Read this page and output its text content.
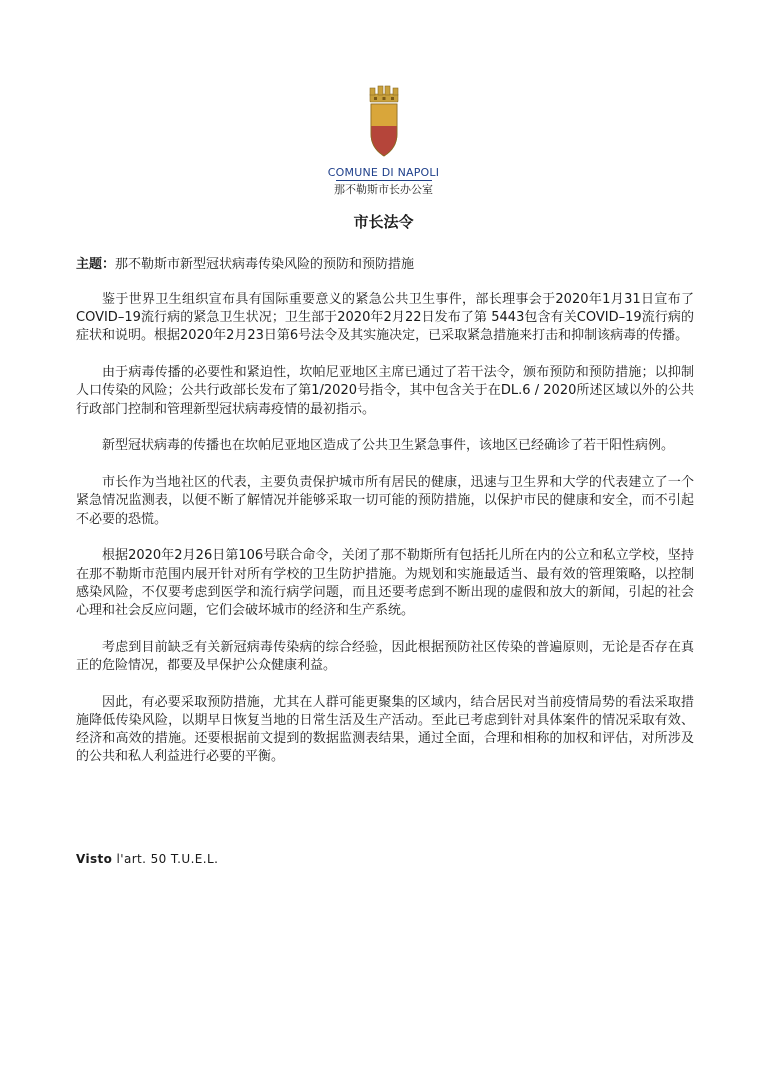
COMUNE DI NAPOLI
那不勒斯市长办公室
市长法令
主题：那不勒斯市新型冠状病毒传染风险的预防和预防措施

鉴于世界卫生组织宣布具有国际重要意义的紧急公共卫生事件，部长理事会于2020年1月31日宣布了COVID–19流行病的紧急卫生状况；卫生部于2020年2月22日发布了第 5443包含有关COVID–19流行病的症状和说明。根据2020年2月23日第6号法令及其实施决定，已采取紧急措施来打击和抑制该病毒的传播。

由于病毒传播的必要性和紧迫性，坎帕尼亚地区主席已通过了若干法令，颁布预防和预防措施；以抑制人口传染的风险；公共行政部长发布了第1/2020号指令，其中包含关于在DL.6 / 2020所述区域以外的公共行政部门控制和管理新型冠状病毒疫情的最初指示。

新型冠状病毒的传播也在坎帕尼亚地区造成了公共卫生紧急事件，该地区已经确诊了若干阳性病例。

市长作为当地社区的代表，主要负责保护城市所有居民的健康，迅速与卫生界和大学的代表建立了一个紧急情况监测表，以便不断了解情况并能够采取一切可能的预防措施，以保护市民的健康和安全，而不引起不必要的恐慌。

根据2020年2月26日第106号联合命令，关闭了那不勒斯所有包括托儿所在内的公立和私立学校，坚持在那不勒斯市范围内展开针对所有学校的卫生防护措施。为规划和实施最适当、最有效的管理策略，以控制感染风险，不仅要考虑到医学和流行病学问题，而且还要考虑到不断出现的虚假和放大的新闻，引起的社会心理和社会反应问题，它们会破坏城市的经济和生产系统。

考虑到目前缺乏有关新冠病毒传染病的综合经验，因此根据预防社区传染的普遍原则，无论是否存在真正的危险情况，都要及早保护公众健康利益。

因此，有必要采取预防措施，尤其在人群可能更聚集的区域内，结合居民对当前疫情局势的看法采取措施降低传染风险，以期早日恢复当地的日常生活及生产活动。至此已考虑到针对具体案件的情况采取有效、经济和高效的措施。还要根据前文提到的数据监测表结果，通过全面，合理和相称的加权和评估，对所涉及的公共和私人利益进行必要的平衡。

Visto l'art. 50 T.U.E.L.
